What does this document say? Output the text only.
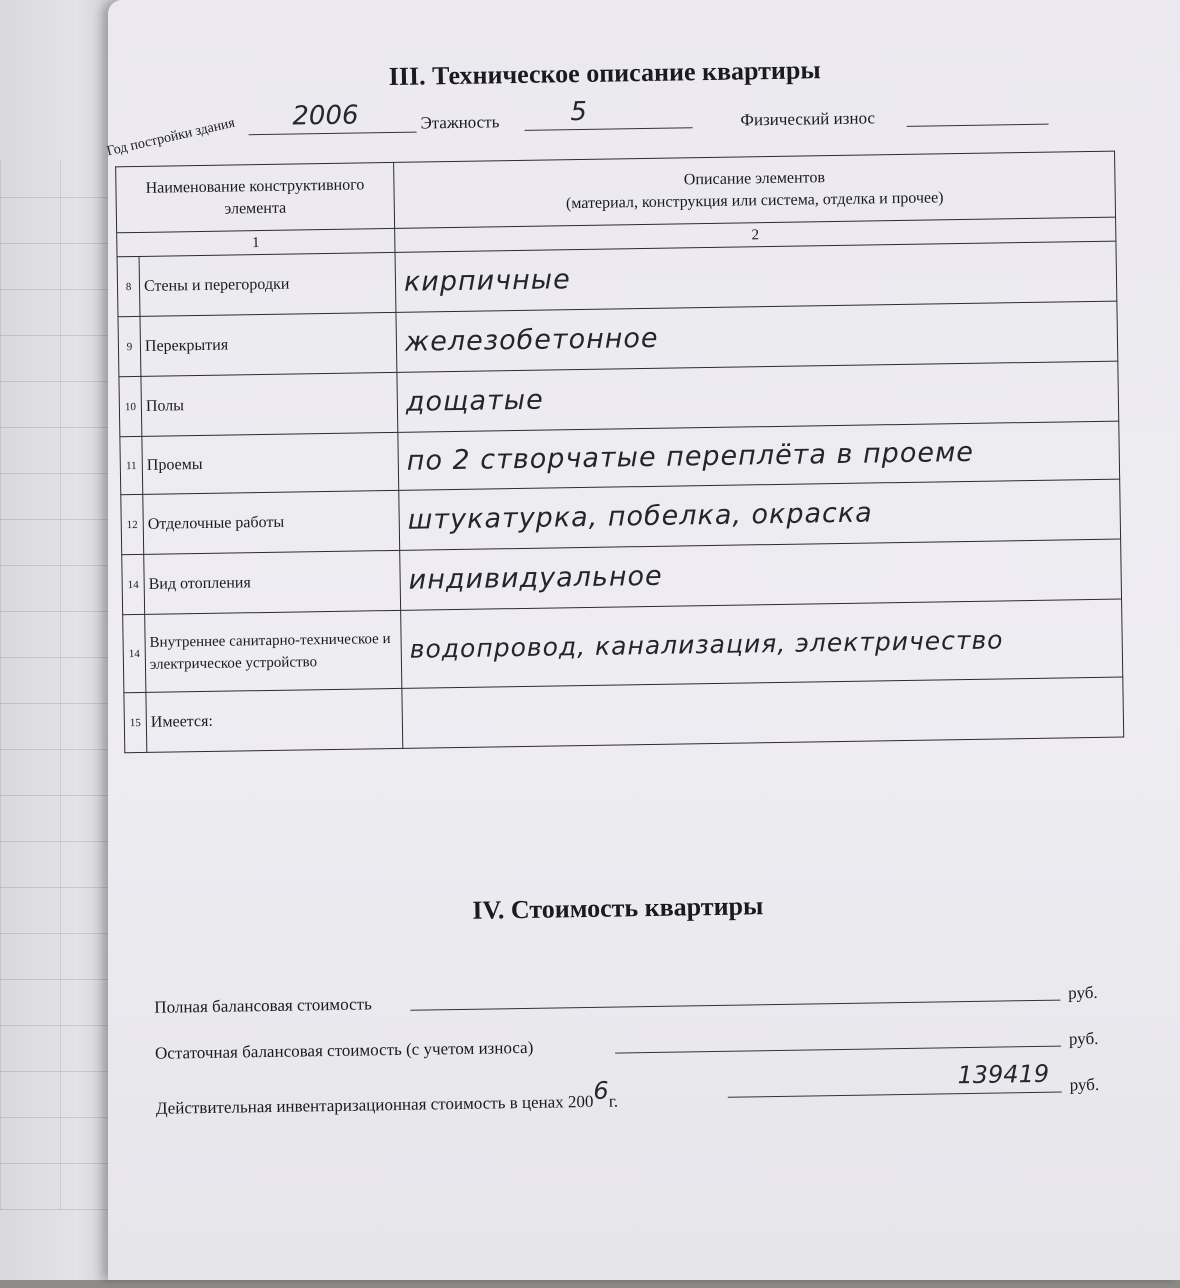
III. Техническое описание квартиры
Год постройки здания 2006	Этажность	5	Физический износ
Наименование конструктивного элемента		Описание элементов
(материал, конструкция или система, отделка и прочее)

1		2
8	Стены и перегородки	кирпичные
9	Перекрытия	железобетонное
10	Полы	дощатые
11	Проемы	по 2 створчатые переплёта в проеме
12	Отделочные работы	штукатурка, побелка, окраска
14	Вид отопления	индивидуальное
14	Внутреннее санитарно-техническое и электрическое устройство	водопровод, канализация, электричество
15	Имеется:	
IV. Стоимость квартиры
Полная балансовая стоимость
руб.
Остаточная балансовая стоимость (с учетом износа)	руб.
Действительная инвентаризационная стоимость в ценах 2006г.
139419 руб.
